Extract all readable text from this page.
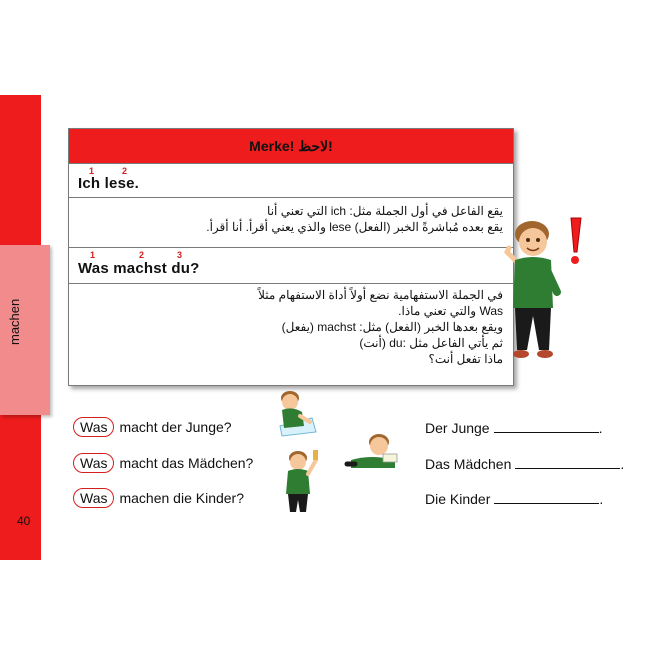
machen
40
Merke! لاحظ!
1	2
Ich lese.
يقع الفاعل في أول الجملة مثل: ich التي تعني أنا
يقع بعده مُباشرةً الخبر (الفعل) lese والذي يعني أقرأ. أنا أقرأ.
1	2	3
Was machst du?
في الجملة الاستفهامية نضع أولاً أداة الاستفهام مثلاً
Was والتي تعني ماذا.
ويقع بعدها الخبر (الفعل) مثل: machst (يفعل)
ثم يأتي الفاعل مثل :du (أنت)
ماذا تفعل أنت؟
Was macht der Junge?
Was macht das Mädchen?
Was machen die Kinder?
Der Junge	.
Das Mädchen	.
Die Kinder	.
